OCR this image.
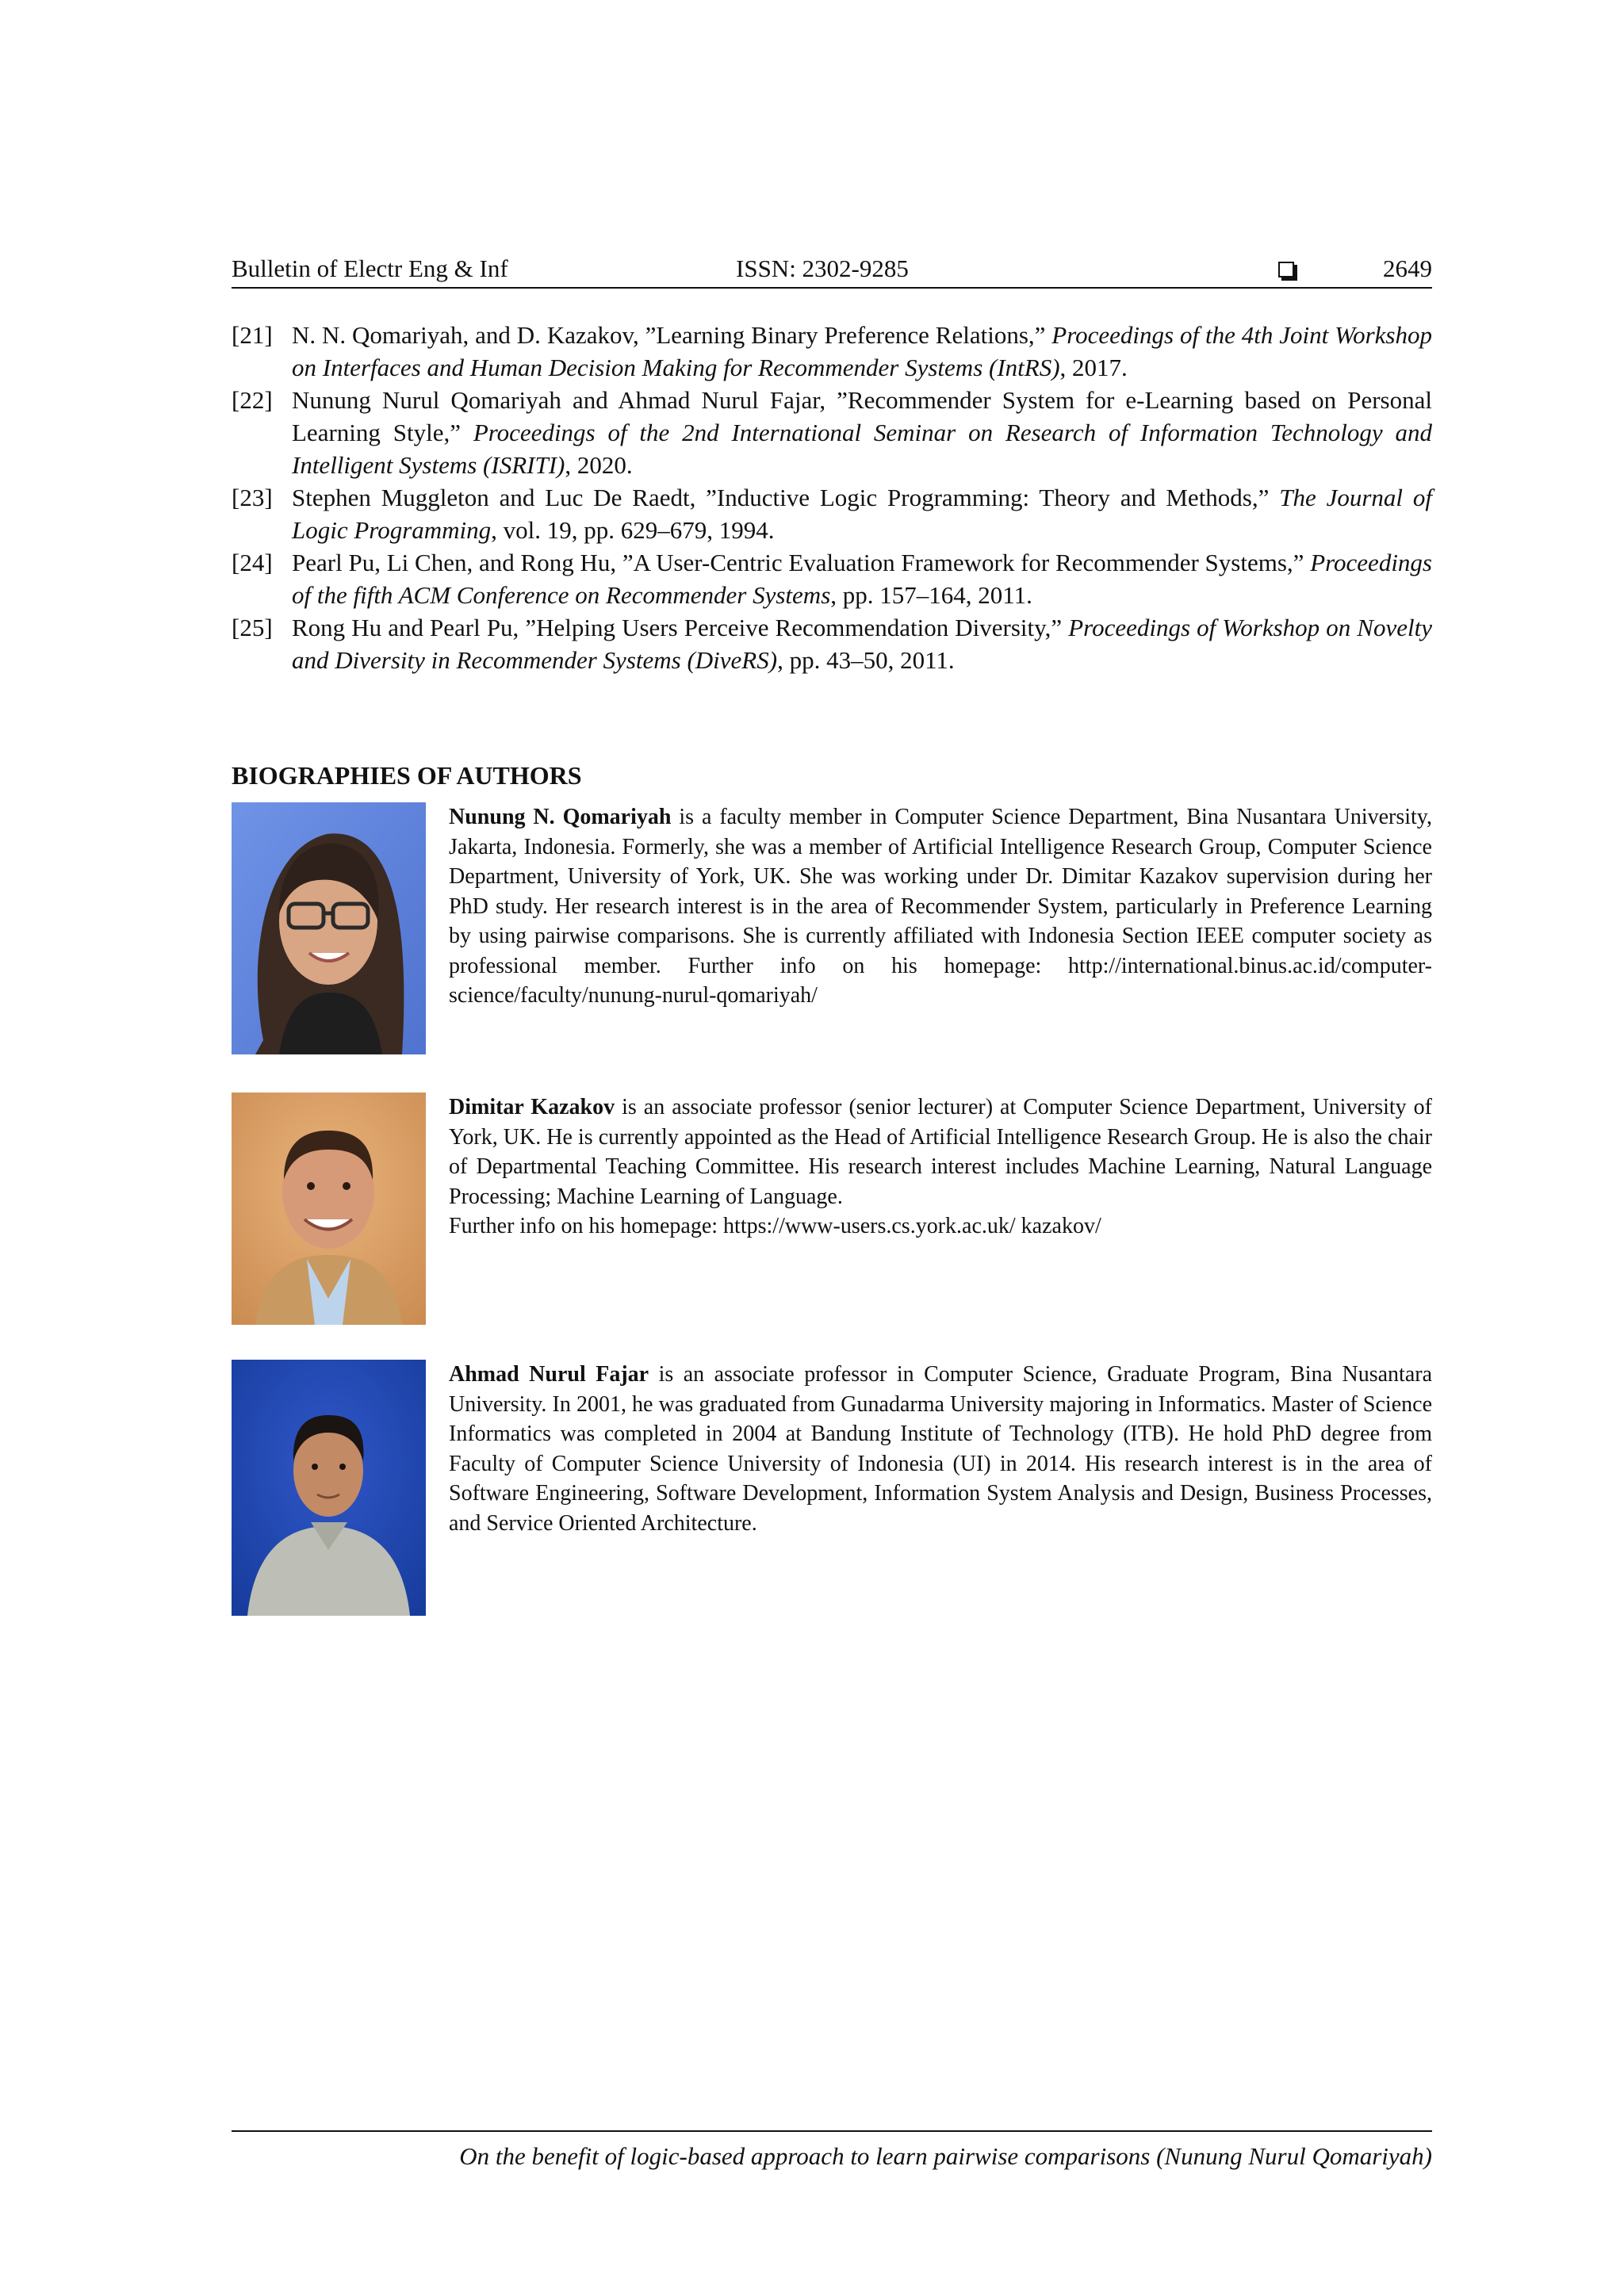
Bulletin of Electr Eng & Inf	ISSN: 2302-9285	2649
[21] N. N. Qomariyah, and D. Kazakov, ”Learning Binary Preference Relations,” Proceedings of the 4th Joint Workshop on Interfaces and Human Decision Making for Recommender Systems (IntRS), 2017.
[22] Nunung Nurul Qomariyah and Ahmad Nurul Fajar, ”Recommender System for e-Learning based on Personal Learning Style,” Proceedings of the 2nd International Seminar on Research of Information Technology and Intelligent Systems (ISRITI), 2020.
[23] Stephen Muggleton and Luc De Raedt, ”Inductive Logic Programming: Theory and Methods,” The Journal of Logic Programming, vol. 19, pp. 629–679, 1994.
[24] Pearl Pu, Li Chen, and Rong Hu, ”A User-Centric Evaluation Framework for Recommender Systems,” Proceedings of the fifth ACM Conference on Recommender Systems, pp. 157–164, 2011.
[25] Rong Hu and Pearl Pu, ”Helping Users Perceive Recommendation Diversity,” Proceedings of Workshop on Novelty and Diversity in Recommender Systems (DiveRS), pp. 43–50, 2011.
BIOGRAPHIES OF AUTHORS
Nunung N. Qomariyah is a faculty member in Computer Science Department, Bina Nusantara University, Jakarta, Indonesia. Formerly, she was a member of Artificial Intelligence Research Group, Computer Science Department, University of York, UK. She was working under Dr. Dimitar Kazakov supervision during her PhD study. Her research interest is in the area of Recommender System, particularly in Preference Learning by using pairwise comparisons. She is currently affiliated with Indonesia Section IEEE computer society as professional member. Further info on his homepage: http://international.binus.ac.id/computer-science/faculty/nunung-nurul-qomariyah/
Dimitar Kazakov is an associate professor (senior lecturer) at Computer Science Department, University of York, UK. He is currently appointed as the Head of Artificial Intelligence Research Group. He is also the chair of Departmental Teaching Committee. His research interest includes Machine Learning, Natural Language Processing; Machine Learning of Language.
Further info on his homepage: https://www-users.cs.york.ac.uk/ kazakov/
Ahmad Nurul Fajar is an associate professor in Computer Science, Graduate Program, Bina Nusantara University. In 2001, he was graduated from Gunadarma University majoring in Informatics. Master of Science Informatics was completed in 2004 at Bandung Institute of Technology (ITB). He hold PhD degree from Faculty of Computer Science University of Indonesia (UI) in 2014. His research interest is in the area of Software Engineering, Software Development, Information System Analysis and Design, Business Processes, and Service Oriented Architecture.
On the benefit of logic-based approach to learn pairwise comparisons (Nunung Nurul Qomariyah)
